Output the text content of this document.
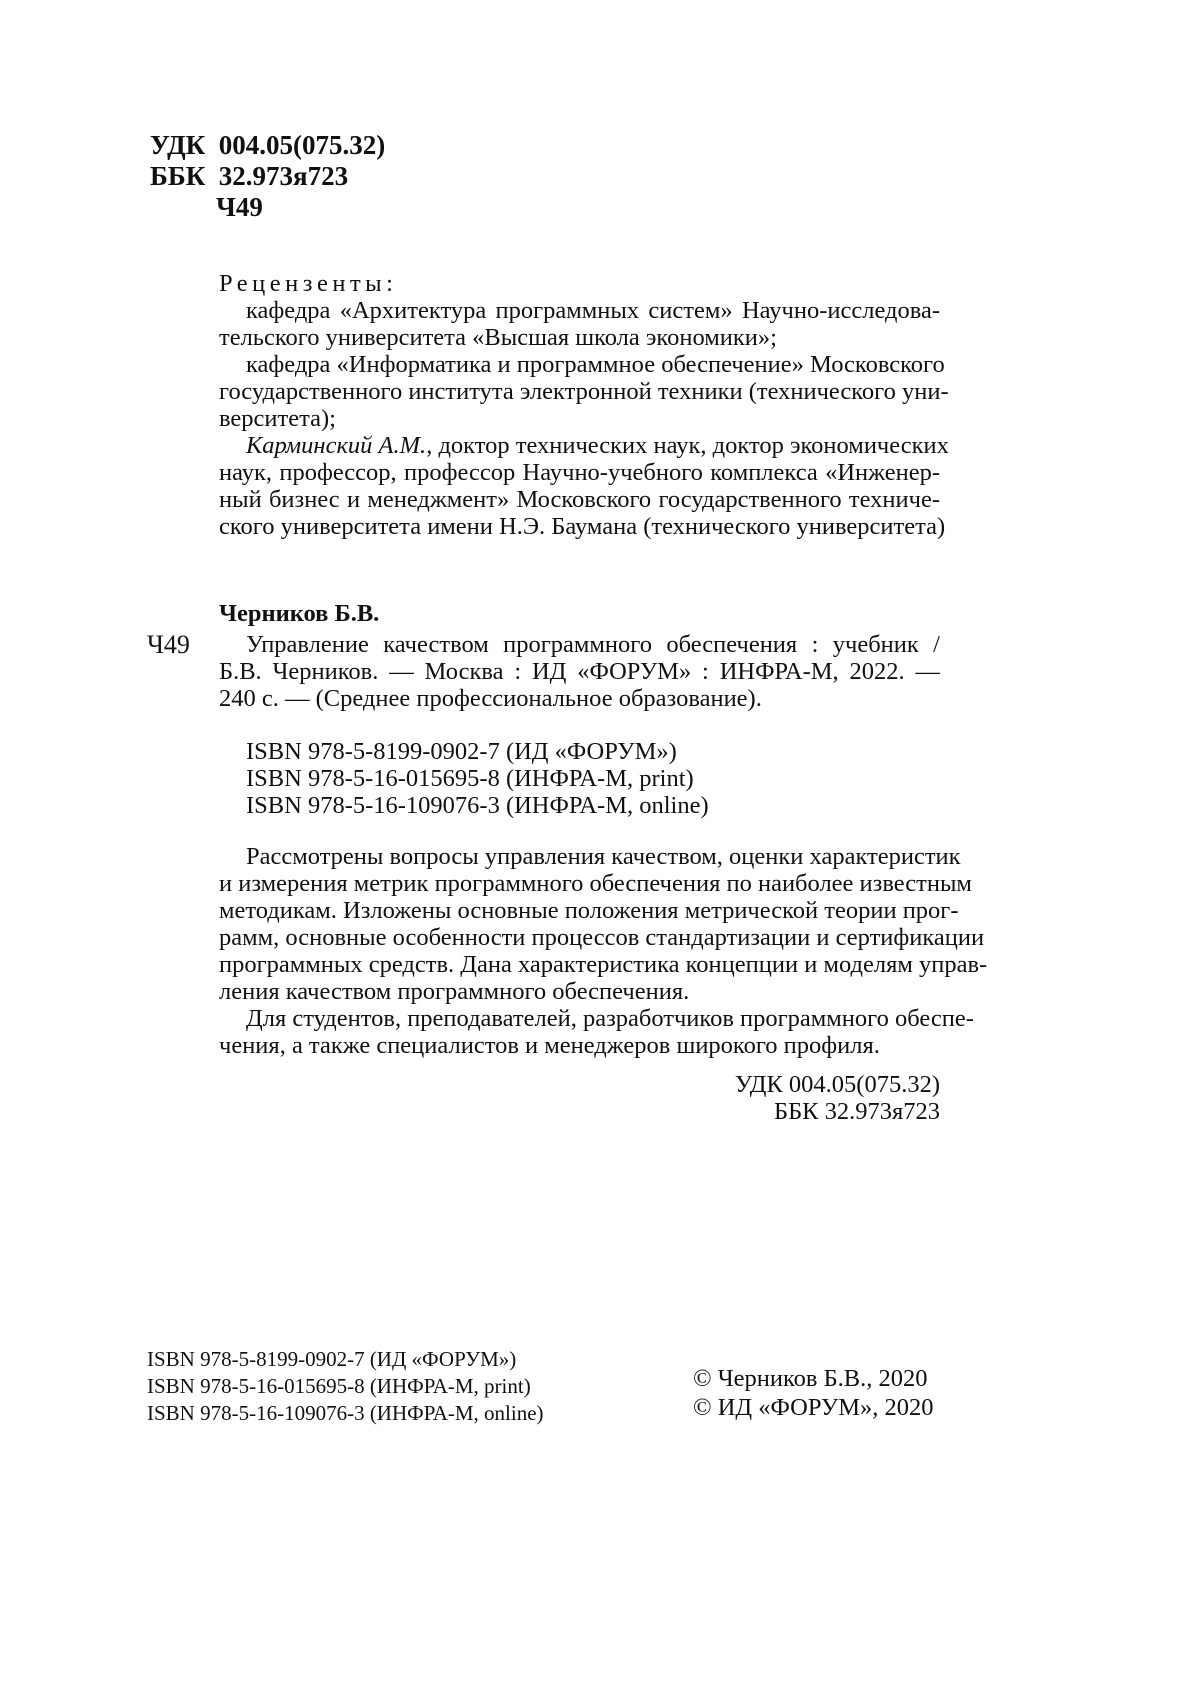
УДК 004.05(075.32)
ББК 32.973я723
Ч49
Рецензенты:
кафедра «Архитектура программных систем» Научно-исследова-
тельского университета «Высшая школа экономики»;
кафедра «Информатика и программное обеспечение» Московского
государственного института электронной техники (технического уни-
верситета);
Карминский А.М., доктор технических наук, доктор экономических
наук, профессор, профессор Научно-учебного комплекса «Инженер-
ный бизнес и менеджмент» Московского государственного техниче-
ского университета имени Н.Э. Баумана (технического университета)
Черников Б.В.
Ч49 Управление качеством программного обеспечения : учебник /
Б.В. Черников. — Москва : ИД «ФОРУМ» : ИНФРА-М, 2022. —
240 с. — (Среднее профессиональное образование).
ISBN 978-5-8199-0902-7 (ИД «ФОРУМ»)
ISBN 978-5-16-015695-8 (ИНФРА-М, print)
ISBN 978-5-16-109076-3 (ИНФРА-М, online)
Рассмотрены вопросы управления качеством, оценки характеристик
и измерения метрик программного обеспечения по наиболее известным
методикам. Изложены основные положения метрической теории прог-
рамм, основные особенности процессов стандартизации и сертификации
программных средств. Дана характеристика концепции и моделям управ-
ления качеством программного обеспечения.
Для студентов, преподавателей, разработчиков программного обеспе-
чения, а также специалистов и менеджеров широкого профиля.
УДК 004.05(075.32)
ББК 32.973я723
ISBN 978-5-8199-0902-7 (ИД «ФОРУМ»)
ISBN 978-5-16-015695-8 (ИНФРА-М, print)
ISBN 978-5-16-109076-3 (ИНФРА-М, online)
© Черников Б.В., 2020
© ИД «ФОРУМ», 2020
